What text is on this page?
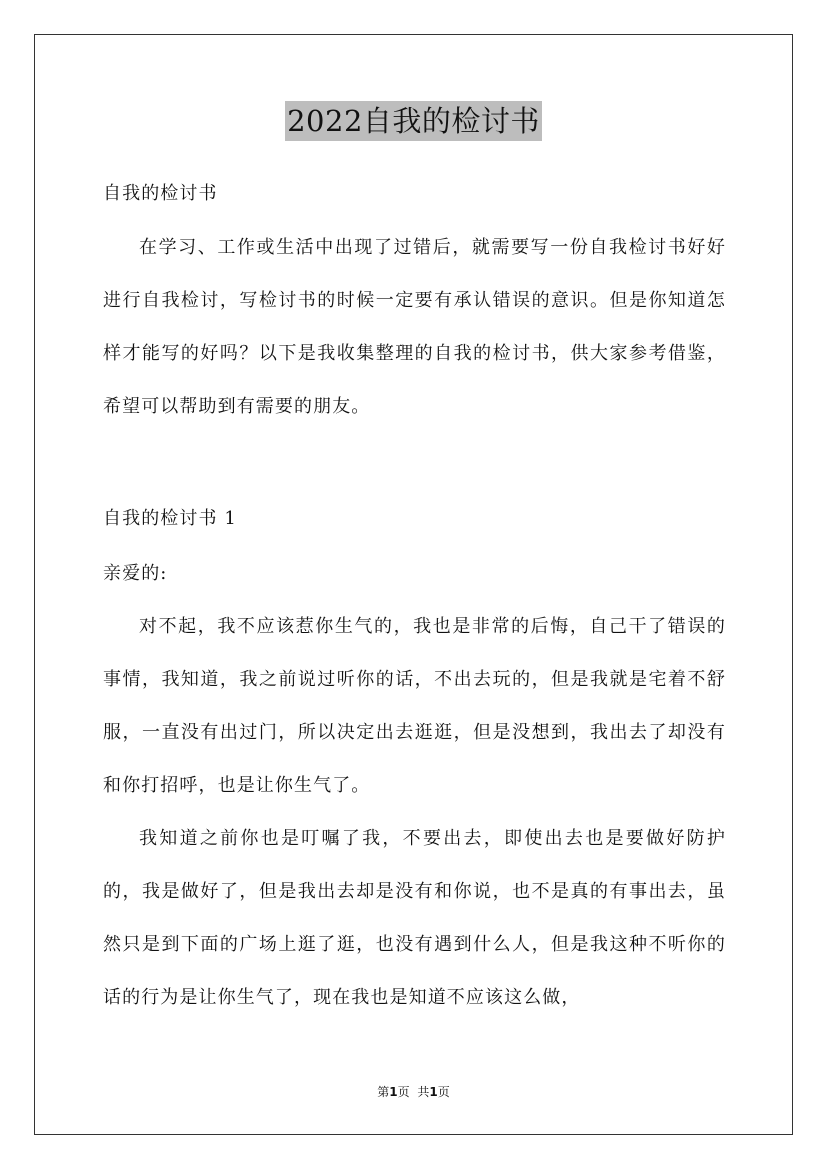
2022自我的检讨书

自我的检讨书

在学习、工作或生活中出现了过错后，就需要写一份自我检讨书好好进行自我检讨，写检讨书的时候一定要有承认错误的意识。但是你知道怎样才能写的好吗？以下是我收集整理的自我的检讨书，供大家参考借鉴，希望可以帮助到有需要的朋友。

自我的检讨书 1

亲爱的:

对不起，我不应该惹你生气的，我也是非常的后悔，自己干了错误的事情，我知道，我之前说过听你的话，不出去玩的，但是我就是宅着不舒服，一直没有出过门，所以决定出去逛逛，但是没想到，我出去了却没有和你打招呼，也是让你生气了。

我知道之前你也是叮嘱了我，不要出去，即使出去也是要做好防护的，我是做好了，但是我出去却是没有和你说，也不是真的有事出去，虽然只是到下面的广场上逛了逛，也没有遇到什么人，但是我这种不听你的话的行为是让你生气了，现在我也是知道不应该这么做，

第1页 共1页
